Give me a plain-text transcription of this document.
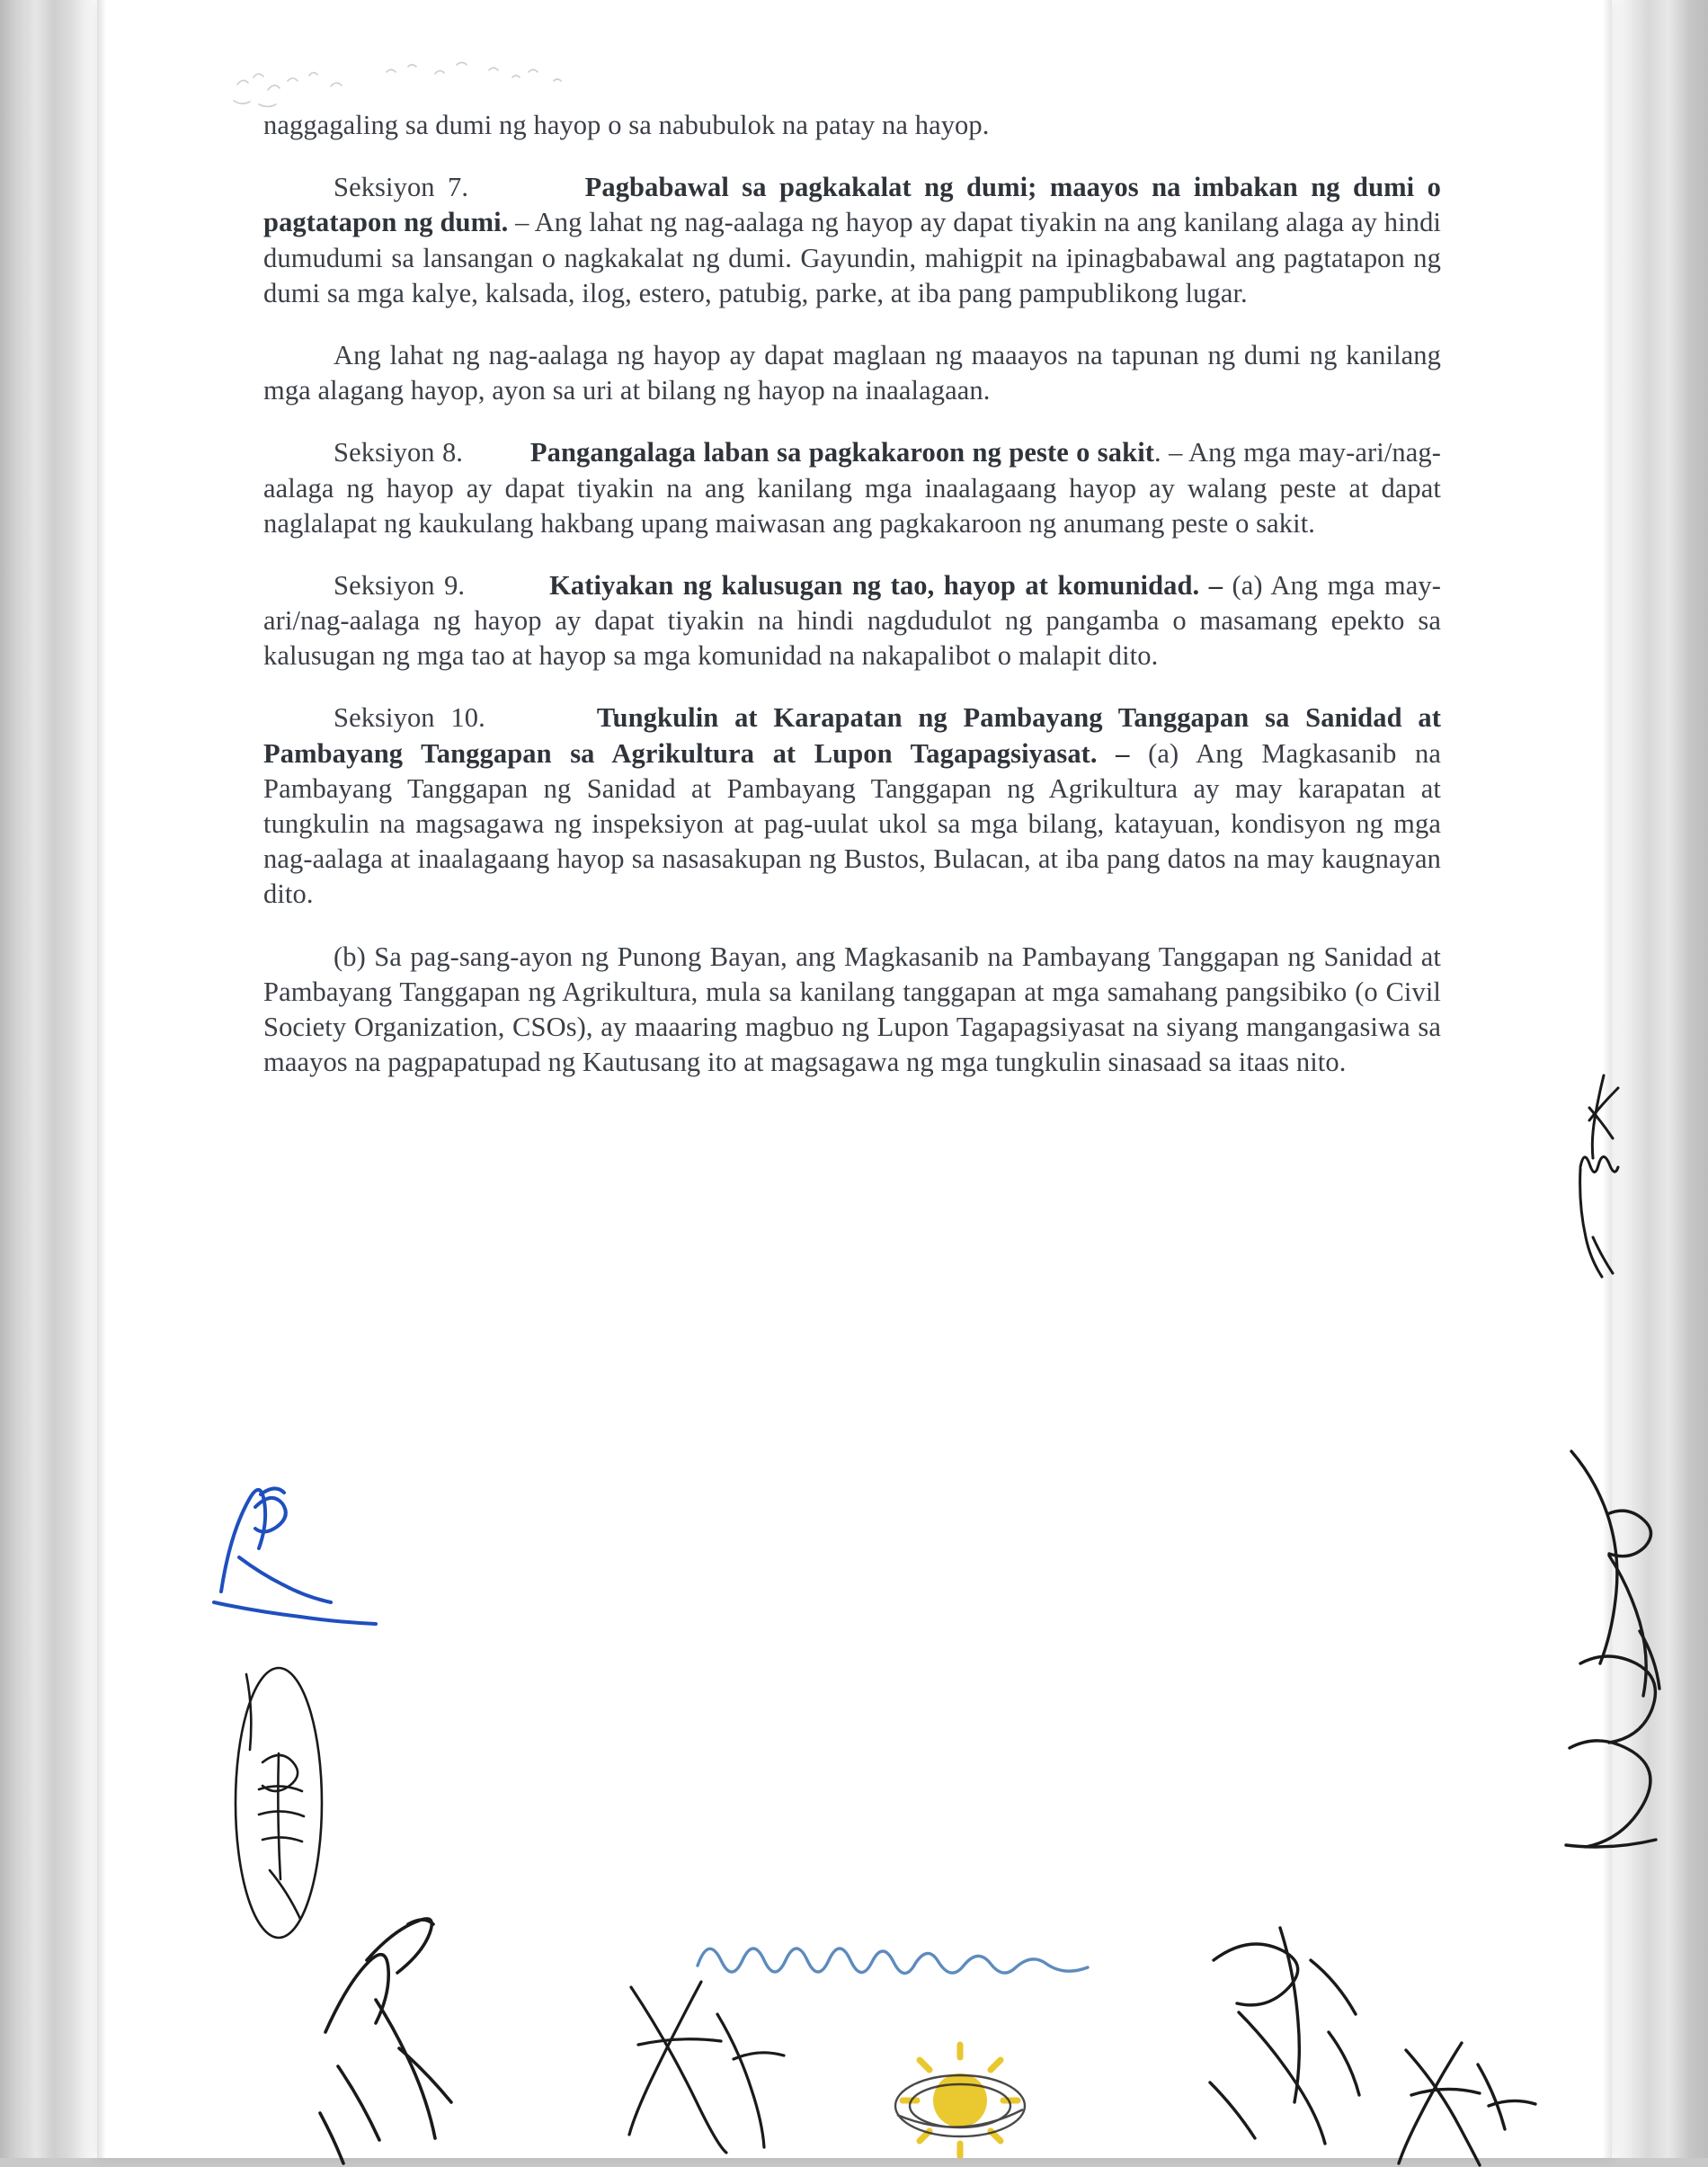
naggagaling sa dumi ng hayop o sa nabubulok na patay na hayop.

Seksiyon 7.	Pagbabawal sa pagkakalat ng dumi; maayos na imbakan ng dumi o pagtatapon ng dumi. – Ang lahat ng nag-aalaga ng hayop ay dapat tiyakin na ang kanilang alaga ay hindi dumudumi sa lansangan o nagkakalat ng dumi. Gayundin, mahigpit na ipinagbabawal ang pagtatapon ng dumi sa mga kalye, kalsada, ilog, estero, patubig, parke, at iba pang pampublikong lugar.

Ang lahat ng nag-aalaga ng hayop ay dapat maglaan ng maaayos na tapunan ng dumi ng kanilang mga alagang hayop, ayon sa uri at bilang ng hayop na inaalagaan.

Seksiyon 8. Pangangalaga laban sa pagkakaroon ng peste o sakit. – Ang mga may-ari/nag-aalaga ng hayop ay dapat tiyakin na ang kanilang mga inaalagaang hayop ay walang peste at dapat naglalapat ng kaukulang hakbang upang maiwasan ang pagkakaroon ng anumang peste o sakit.

Seksiyon 9.	Katiyakan ng kalusugan ng tao, hayop at komunidad. – (a) Ang mga may-ari/nag-aalaga ng hayop ay dapat tiyakin na hindi nagdudulot ng pangamba o masamang epekto sa kalusugan ng mga tao at hayop sa mga komunidad na nakapalibot o malapit dito.

Seksiyon 10.	Tungkulin at Karapatan ng Pambayang Tanggapan sa Sanidad at Pambayang Tanggapan sa Agrikultura at Lupon Tagapagsiyasat. – (a) Ang Magkasanib na Pambayang Tanggapan ng Sanidad at Pambayang Tanggapan ng Agrikultura ay may karapatan at tungkulin na magsagawa ng inspeksiyon at pag-uulat ukol sa mga bilang, katayuan, kondisyon ng mga nag-aalaga at inaalagaang hayop sa nasasakupan ng Bustos, Bulacan, at iba pang datos na may kaugnayan dito.

(b) Sa pag-sang-ayon ng Punong Bayan, ang Magkasanib na Pambayang Tanggapan ng Sanidad at Pambayang Tanggapan ng Agrikultura, mula sa kanilang tanggapan at mga samahang pangsibiko (o Civil Society Organization, CSOs), ay maaaring magbuo ng Lupon Tagapagsiyasat na siyang mangangasiwa sa maayos na pagpapatupad ng Kautusang ito at magsagawa ng mga tungkulin sinasaad sa itaas nito.
